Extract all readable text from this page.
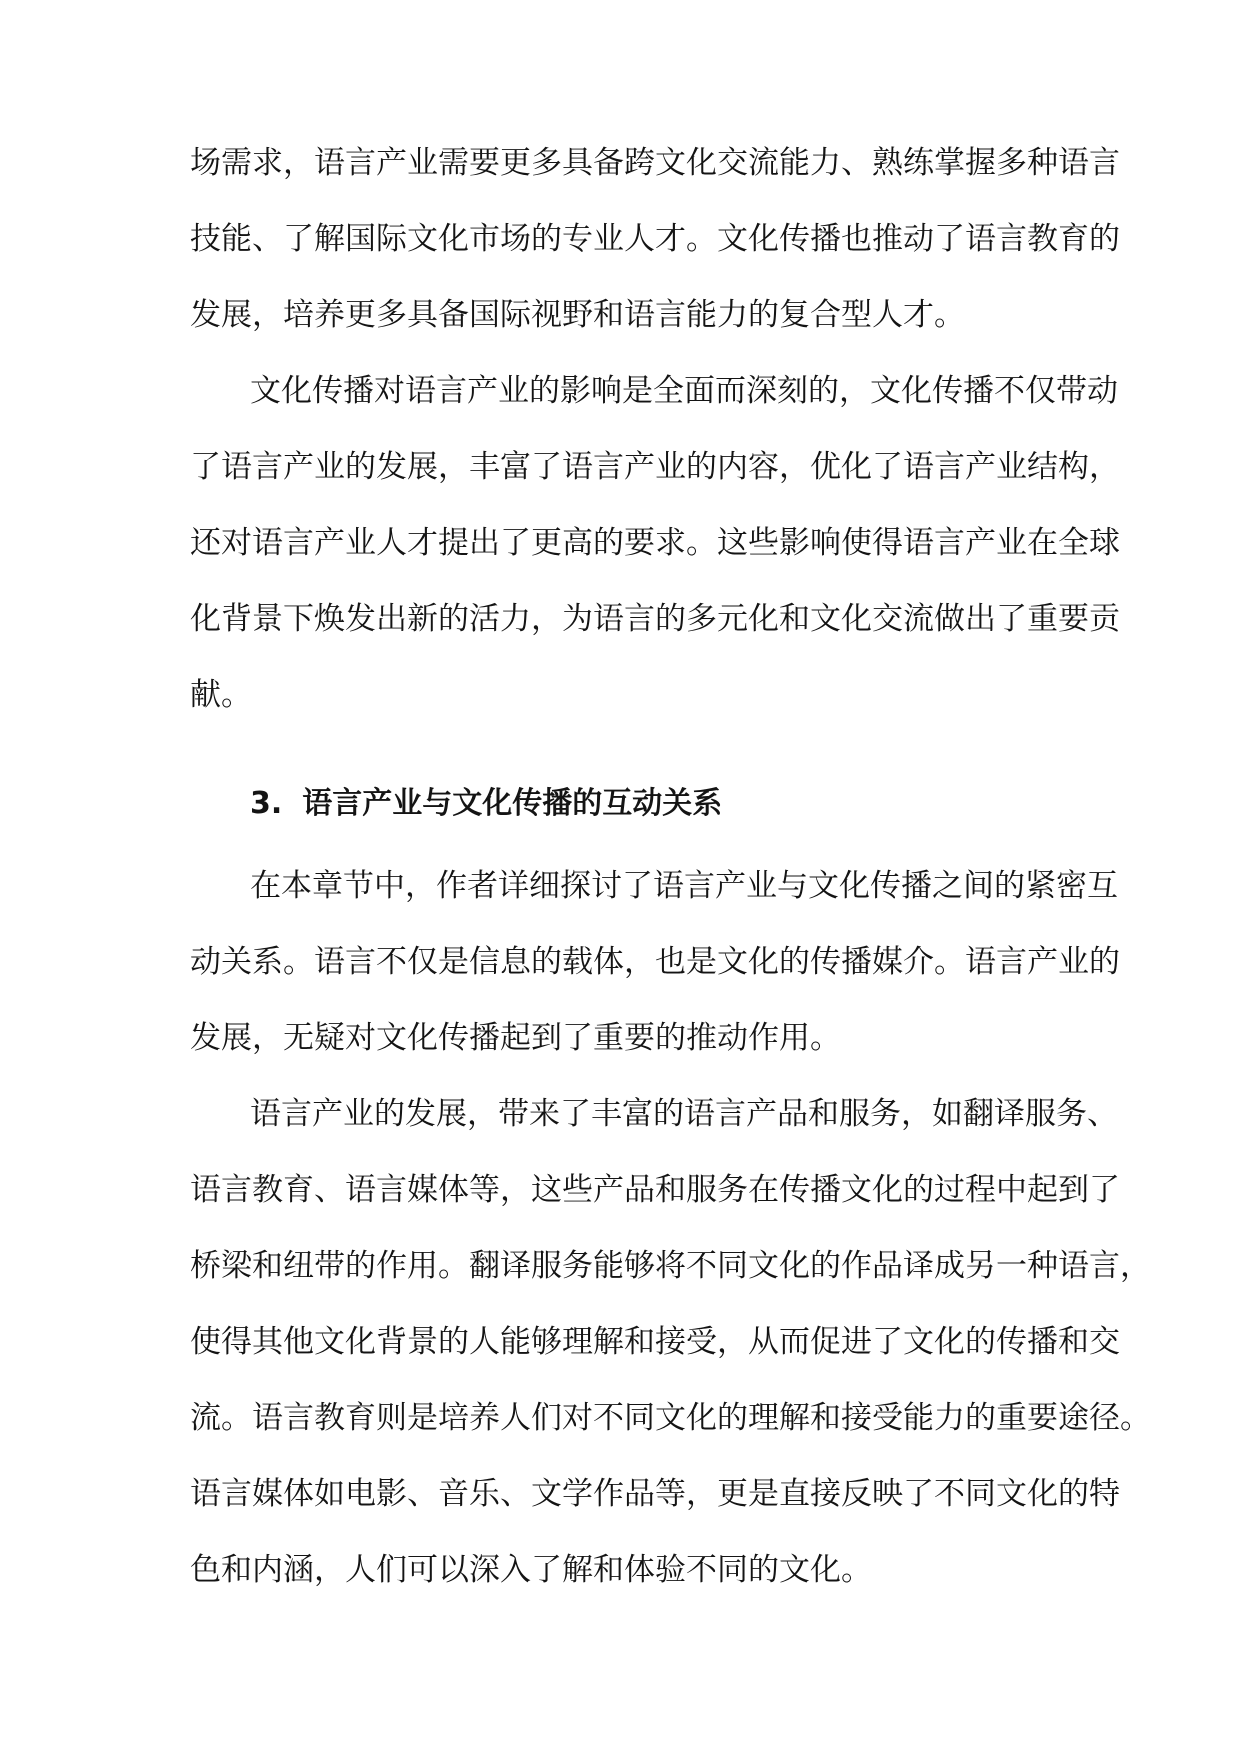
场需求，语言产业需要更多具备跨文化交流能力、熟练掌握多种语言

技能、了解国际文化市场的专业人才。文化传播也推动了语言教育的

发展，培养更多具备国际视野和语言能力的复合型人才。

文化传播对语言产业的影响是全面而深刻的，文化传播不仅带动

了语言产业的发展，丰富了语言产业的内容，优化了语言产业结构，

还对语言产业人才提出了更高的要求。这些影响使得语言产业在全球

化背景下焕发出新的活力，为语言的多元化和文化交流做出了重要贡

献。

3. 语言产业与文化传播的互动关系

在本章节中，作者详细探讨了语言产业与文化传播之间的紧密互

动关系。语言不仅是信息的载体，也是文化的传播媒介。语言产业的

发展，无疑对文化传播起到了重要的推动作用。

语言产业的发展，带来了丰富的语言产品和服务，如翻译服务、

语言教育、语言媒体等，这些产品和服务在传播文化的过程中起到了

桥梁和纽带的作用。翻译服务能够将不同文化的作品译成另一种语言，

使得其他文化背景的人能够理解和接受，从而促进了文化的传播和交

流。语言教育则是培养人们对不同文化的理解和接受能力的重要途径。

语言媒体如电影、音乐、文学作品等，更是直接反映了不同文化的特

色和内涵，人们可以深入了解和体验不同的文化。
